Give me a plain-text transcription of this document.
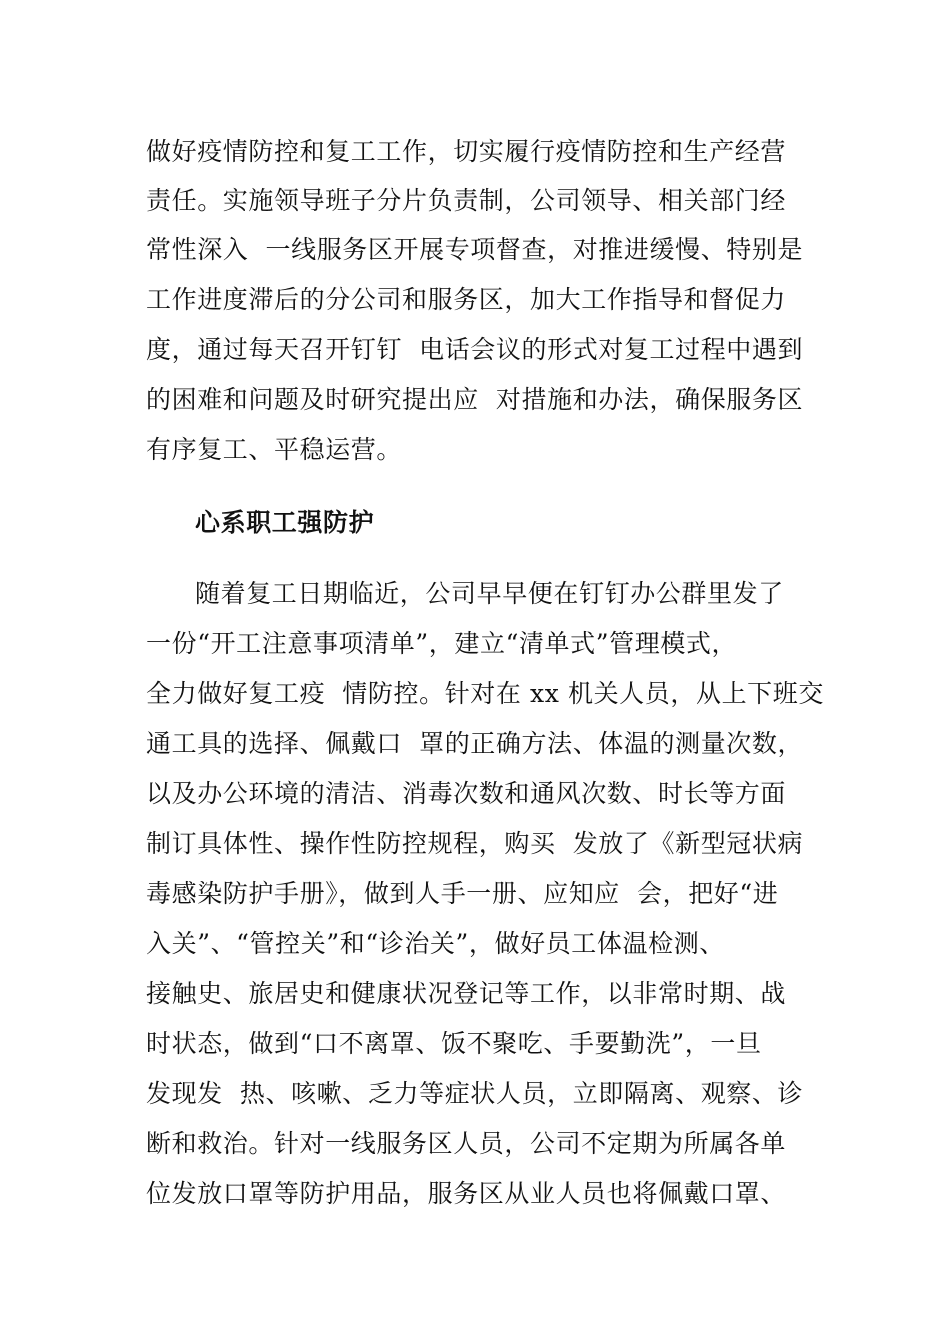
做好疫情防控和复工工作，切实履行疫情防控和生产经营
责任。实施领导班子分片负责制，公司领导、相关部门经
常性深入  一线服务区开展专项督查，对推进缓慢、特别是
工作进度滞后的分公司和服务区，加大工作指导和督促力
度，通过每天召开钉钉  电话会议的形式对复工过程中遇到
的困难和问题及时研究提出应  对措施和办法，确保服务区
有序复工、平稳运营。
心系职工强防护
随着复工日期临近，公司早早便在钉钉办公群里发了
一份“开工注意事项清单”，建立“清单式”管理模式，
全力做好复工疫  情防控。针对在 xx 机关人员，从上下班交
通工具的选择、佩戴口  罩的正确方法、体温的测量次数，
以及办公环境的清洁、消毒次数和通风次数、时长等方面
制订具体性、操作性防控规程，购买  发放了《新型冠状病
毒感染防护手册》，做到人手一册、应知应  会，把好“进
入关”、“管控关”和“诊治关”，做好员工体温检测、
接触史、旅居史和健康状况登记等工作，以非常时期、战
时状态，做到“口不离罩、饭不聚吃、手要勤洗”，一旦
发现发  热、咳嗽、乏力等症状人员，立即隔离、观察、诊
断和救治。针对一线服务区人员，公司不定期为所属各单
位发放口罩等防护用品，服务区从业人员也将佩戴口罩、
